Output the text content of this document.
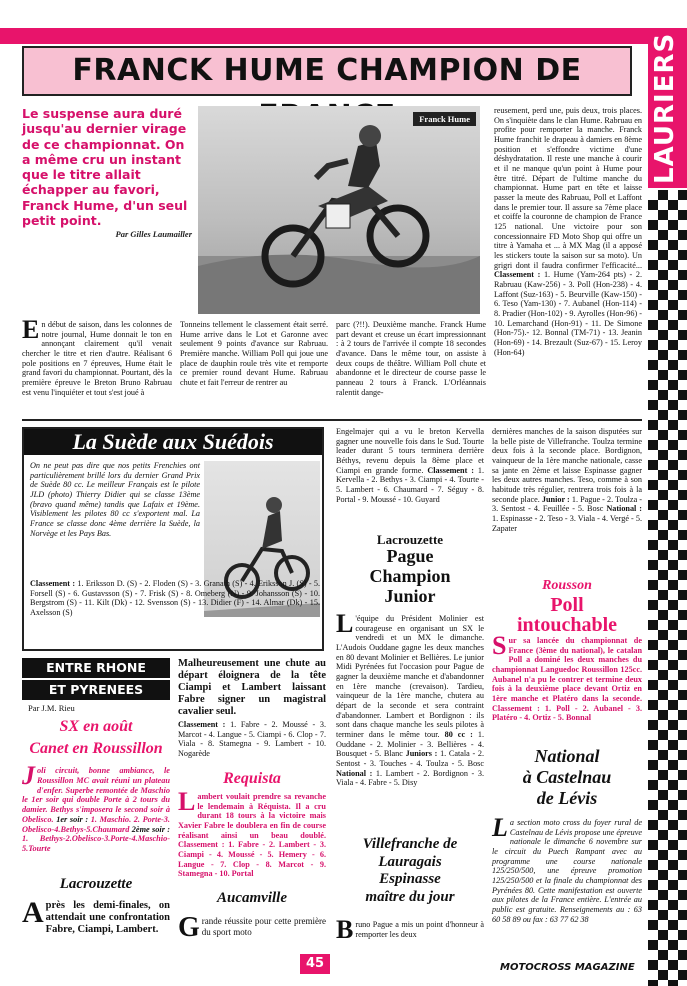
FRANCK HUME CHAMPION DE	LAURIERS
Le suspense aura duré jusqu'au dernier virage de ce championnat. On a même cru un instant que le titre allait échapper au favori, Franck Hume, d'un seul petit point.
Par Gilles Laumailler
Franck Hume
reusement, perd une, puis deux, trois places. On s'inquiète dans le clan Hume. Rabruau en profite pour remporter la manche. Franck Hume franchit le drapeau à damiers en 8ème position et s'effondre victime d'une déshydratation. Il reste une manche à courir et il ne manque qu'un point à Hume pour être titré. Départ de l'ultime manche du championnat. Hume part en tête et laisse passer la meute des Rabruau, Poll et Laffont dans le premier tour. Il assure sa 7ème place et coiffe la couronne de champion de France 125 national. Une victoire pour son concessionnaire FD Moto Shop qui offre un titre à Yamaha et ... à MX Mag (il a apposé les stickers toute la saison sur sa moto). Un grigri dont il faudra confirmer l'efficacité... Classement : 1. Hume (Yam-264 pts) - 2. Rabruau (Kaw-256) - 3. Poll (Hon-238) - 4. Laffont (Suz-163) - 5. Beurville (Kaw-150) - 6. Teso (Yam-130) - 7. Aubanel (Hon-114) - 8. Pradier (Hon-102) - 9. Ayrolles (Hon-96) - 10. Lemarchand (Hon-91) - 11. De Simone (Hon-75).- 12. Bonnal (TM-71) - 13. Jeanin (Hon-69) - 14. Brezault (Suz-67) - 15. Leroy (Hon-64)
En début de saison, dans les colonnes de notre journal, Hume donnait le ton en annonçant clairement qu'il venait chercher le titre et rien d'autre. Réalisant 6 pole positions en 7 épreuves, Hume était le grand favori du championnat. Pourtant, dès la première épreuve le Breton Bruno Rabruau est venu l'inquiéter et tout s'est joué à
Tonneins tellement le classement était serré. Hume arrive dans le Lot et Garonne avec seulement 9 points d'avance sur Rabruau. Première manche. William Poll qui joue une place de dauphin roule très vite et remporte ce premier round devant Hume. Rabruau chute et fait l'erreur de rentrer au
parc (?!!). Deuxième manche. Franck Hume part devant et creuse un écart impressionnant : à 2 tours de l'arrivée il compte 18 secondes d'avance. Dans le même tour, on assiste à deux coups de théâtre. William Poll chute et abandonne et le directeur de course passe le panneau 2 tours à Franck. L'Orléannais ralentit dange-
La Suède aux Suédois
On ne peut pas dire que nos petits Frenchies ont particulièrement brillé lors du dernier Grand Prix de Suède 80 cc. Le meilleur Français est le pilote JLD (photo) Thierry Didier qui se classe 13ème (bravo quand même) tandis que Lafaix et 19ème. Visiblement les pilotes 80 cc s'exportent mal. La France se classe donc 4ème derrière la Suède, la Norvège et les Pays Bas.
Classement : 1. Eriksson D. (S) - 2. Floden (S) - 3. Granath (S) - 4. Eriksson J. (S) - 5. Forsell (S) - 6. Gustavsson (S) - 7. Frisk (S) - 8. Omeberg (N) - 9. Johansson (S) - 10. Bergstrom (S) - 11. Kilt (Dk) - 12. Svensson (S) - 13. Didier (F) - 14. Almar (Dk) - 15. Axelsson (S)
ENTRE RHONE
ET PYRENEES
Par J.M. Rieu
SX en août
Canet en Roussillon
Joli circuit, bonne ambiance, le Roussillon MC avait réuni un plateau d'enfer. Superbe remontée de Maschio le 1er soir qui double Porte à 2 tours du damier. Bethys s'imposera le second soir à Obelisco. 1er soir : 1. Maschio. 2. Porte-3. Obelisco-4.Bethys-5.Chaumard 2ème soir : 1. Bethys-2.Obelisco-3.Porte-4.Maschio-5.Tourte
Lacrouzette
Après les demi-finales, on attendait une confrontation Fabre, Ciampi, Lambert.
Malheureusement une chute au départ éloignera de la tête Ciampi et Lambert laissant Fabre signer un magistral cavalier seul.
Classement : 1. Fabre - 2. Moussé - 3. Marcot - 4. Langue - 5. Ciampi - 6. Clop - 7. Viala - 8. Stamegna - 9. Lambert - 10. Nogarède
Requista
Lambert voulait prendre sa revanche le lendemain à Réquista. Il a cru durant 18 tours à la victoire mais Xavier Fabre le doublera en fin de course réalisant ainsi un beau doublé. Classement : 1. Fabre - 2. Lambert - 3. Ciampi - 4. Moussé - 5. Hemery - 6. Langue - 7. Clop - 8. Marcot - 9. Stamegna - 10. Portal
Aucamville
Grande réussite pour cette première du sport moto
Engelmajer qui a vu le breton Kervella gagner une nouvelle fois dans le Sud. Tourte leader durant 5 tours terminera derrière Béthys, revenu depuis la 8ème place et Ciampi en grande forme. Classement : 1. Kervella - 2. Bethys - 3. Ciampi - 4. Tourte - 5. Lambert - 6. Chaumard - 7. Séguy - 8. Portal - 9. Moussé - 10. Guyard
Lacrouzette
Pague
Champion
Junior
L 'équipe du Président Molinier est courageuse en organisant un SX le vendredi et un MX le dimanche. L'Audois Ouddane gagne les deux manches en 80 devant Molinier et Bellières. Le junior Midi Pyrénées fut l'occasion pour Pague de gagner la deuxième manche et d'abandonner en 1ère manche (crevaison). Tardieu, vainqueur de la 1ère manche, chutera au départ de la seconde et sera contraint d'abandonner. Lambert et Bordignon : ils sont dans chaque manche les seuls pilotes à terminer dans le même tour. 80 cc : 1. Ouddane - 2. Molinier - 3. Bellières - 4. Bousquet - 5. Blanc Juniors : 1. Catala - 2. Sentost - 3. Touches - 4. Toulza - 5. Bosc National : 1. Lambert - 2. Bordignon - 3. Viala - 4. Fabre - 5. Disy
Villefranche de
Lauragais
Espinasse
maître du jour
Bruno Pague a mis un point d'honneur à remporter les deux
dernières manches de la saison disputées sur la belle piste de Villefranche. Toulza termine deux fois à la seconde place. Bordignon, vainqueur de la 1ère manche nationale, casse sa jante en 2ème et laisse Espinasse gagner les deux autres manches. Teso, comme à son habitude très régulier, rentrera trois fois à la seconde place. Junior : 1. Pague - 2. Toulza - 3. Sentost - 4. Feuillée - 5. Bosc National : 1. Espinasse - 2. Teso - 3. Viala - 4. Vergé - 5. Zapater
Rousson
Poll
intouchable
Sur sa lancée du championnat de France (3ème du national), le catalan Poll a dominé les deux manches du championnat Languedoc Roussillon 125cc. Aubanel n'a pu le contrer et termine deux fois à la deuxième place devant Ortiz en 1ère manche et Platéro dans la seconde. Classement : 1. Poll - 2. Aubanel - 3. Platéro - 4. Ortiz - 5. Bonnal
National
à Castelnau
de Lévis
La section moto cross du foyer rural de Castelnau de Lévis propose une épreuve nationale le dimanche 6 novembre sur le circuit du Puech Rampant avec au programme une course nationale 125/250/500, une épreuve promotion 125/250/500 et la finale du championnat des Pyrénées 80. Cette manifestation est ouverte aux pilotes de la France entière. L'entrée au public est gratuite. Renseignements au : 63 60 58 89 ou fax : 63 77 62 38
45	MOTOCROSS MAGAZINE
